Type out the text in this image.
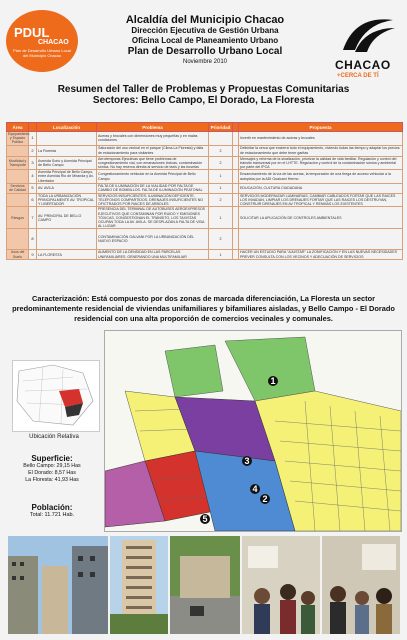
PDUL
CHACAO
Plan de Desarrollo Urbano Local del Municipio Chacao
Alcaldía del Municipio Chacao
Dirección Ejecutiva de Gestión Urbana
Oficina Local de Planeamiento Urbano
Plan de Desarrollo Urbano Local
Noviembre 2010	CHACAO
+CERCA DE TÍ
Resumen del Taller de Problemas y Propuestas Comunitarias
Sectores: Bello Campo, El Dorado, La Floresta
Área		Localización	Problema	Prioridad		Propuesta
Equipamiento y Espacio Público	1		Aceras y brocales con dimensiones muy pequeñas y en malas condiciones			Invertir en mantenimiento de aceras y brocales
	2	La Floresta	Saturación del uso vecinal en el parque (Clima-La Floresta) y falta de estacionamiento para visitantes	2		Delimitar la cerca que encierra todo el equipamiento, viviendo todas las tiempo y adaptar los precios de estacionamiento que debe tener garitas
Movilidad y Transporte	3	Avenida Sorio y Avenida Principal de Bello Campo	Aerotemporas Ejecutivas que tiene problemas de congestionamiento vial, con emanaciones tóxicas, contaminación sónica. No hay reserva directa al servicio de taxis y las busetas	2		Mensajes y reforma de la sinalización, priorizar la calidad de vida familiar. Regulación y control del tránsito transversal por en el LHTTE. Regulación y control de la contaminación sónica y ambiental por parte del IPCA
	4	Avenida Principal de Bello Campo, entre Avenida Rio de Miranda y Av. Libertador	Congestionamiento vehicular en la Avenida Principal de Bello Campo	1		Ensanchamiento de la vía de las aceras, la temporación de una tirega de acceso vehicular a la autopista por la ADI Guaicaní Hermo
Servicios de Calidad	5	AV. AVILA	FALTA DE ILUMINACIÓN DE LA VIALIDAD POR FALTA DE CAMBIO DE BOMBILLOS. FALTA DE ILUMINACIÓN PEATONAL	1		EDUCACIÓN, CULTURA CIUDADANA
	6	TODA LA URBANIZACIÓN PRINCIPALMENTE AV. TROPICAL Y LIBERTADOR	SERVICIOS INSUFICIENTES: ILUMINACIÓN DEFICIENTE, TELÉFONOS COMPARTIDOS, DRENAJES INSUFICIENTES NO OFICTRADOS POR RAICES DE ARBOLES	2		SERVICIOS MODERNIZAR LUMINARIAS, CAMBIAR CABLEADOS FORTAR QUE LAS RAICES LOS INVADAN, LIMPIAR LOS DRENAJES FORTAR QUE LAS RAICES LOS DESTRUYAN, CONSTRUIR DRENAJES EN AV TROPICAL Y RENMAS LOS EXISTENTES
Riesgos	7	AV. PRINCIPAL DE BELLO CAMPO	PRESENCIA DEL TERMINAL DE AUTOBUSES AEROEXPRESOS EJECUTIVOS QUE CONTAMINAN POR RUIDO Y EMISIONES TÓXICAS, CONGESTIONAN EL TRÁNSITO, LOS TAXISTAS OCUPAN TODA LA AV. AVILA. SE DESPLAZAN A FALTA DE VIDA AL LUGAR	1		SOLICITAR LA APLICACIÓN DE CONTROLES AMBIENTALES
	8		CONTAMINACIÓN GALVANI FOR LA URBANIZACIÓN DEL NUEVO ESPACIO	2		
Usos del Suelo	9	LA FLORESTA	AUMENTO DE LA DENSIDAD EN LAS PARCELAS UNIFAMILIARES. GENERANDO UNA MULTIFAMILIAR	1		HACER UN ESTUDIO PARA "AJUSTAR" LA ZONIFICACIÓN Y EN LAS NUEVAS NECESIDADES PREVER CONSULTA CON LOS VECINOS Y ADECUACIÓN DE SERVICIOS
Caracterización: Está compuesto por dos zonas de marcada diferenciación, La Floresta un sector predominantemente residencial de viviendas unifamiliares y bifamiliares aisladas, y Bello Campo - El Dorado residencial con una alta proporción de comercios vecinales y comunales.
Ubicación Relativa
Superficie:
Bello Campo: 29,15 Has
El Dorado: 8,57 Has
La Floresta: 41,93 Has
Población:
Total: 11.721 Hab.
1
2
3
4
5
